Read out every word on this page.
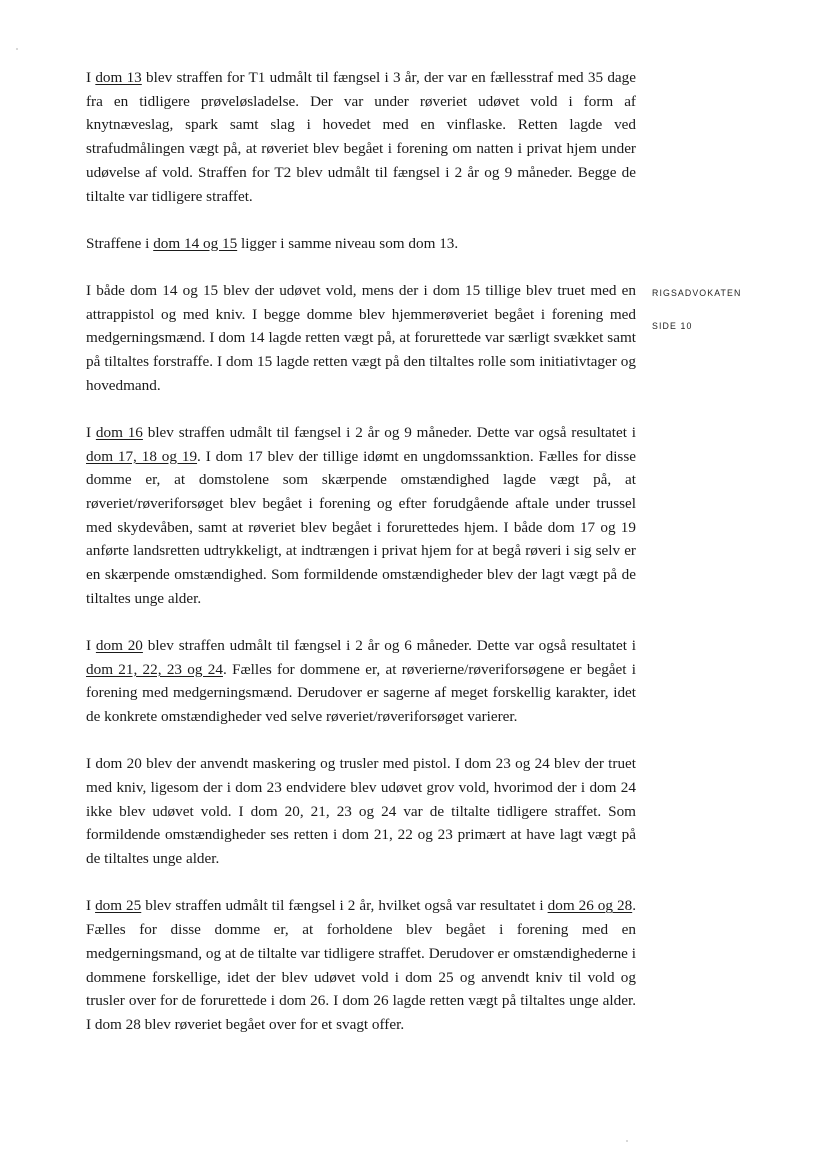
I dom 13 blev straffen for T1 udmålt til fængsel i 3 år, der var en fællesstraf med 35 dage fra en tidligere prøveløsladelse. Der var under røveriet udøvet vold i form af knytnæveslag, spark samt slag i hovedet med en vinflaske. Retten lagde ved strafudmålingen vægt på, at røveriet blev begået i forening om natten i privat hjem under udøvelse af vold. Straffen for T2 blev udmålt til fængsel i 2 år og 9 måneder. Begge de tiltalte var tidligere straffet.

Straffene i dom 14 og 15 ligger i samme niveau som dom 13.

I både dom 14 og 15 blev der udøvet vold, mens der i dom 15 tillige blev truet med en attrappistol og med kniv. I begge domme blev hjemmerøveriet begået i forening med medgerningsmænd. I dom 14 lagde retten vægt på, at forurettede var særligt svækket samt på tiltaltes forstraffe. I dom 15 lagde retten vægt på den tiltaltes rolle som initiativtager og hovedmand.

I dom 16 blev straffen udmålt til fængsel i 2 år og 9 måneder. Dette var også resultatet i dom 17, 18 og 19. I dom 17 blev der tillige idømt en ungdomssanktion. Fælles for disse domme er, at domstolene som skærpende omstændighed lagde vægt på, at røveriet/røveriforsøget blev begået i forening og efter forudgående aftale under trussel med skydevåben, samt at røveriet blev begået i forurettedes hjem. I både dom 17 og 19 anførte landsretten udtrykkeligt, at indtrængen i privat hjem for at begå røveri i sig selv er en skærpende omstændighed. Som formildende omstændigheder blev der lagt vægt på de tiltaltes unge alder.

I dom 20 blev straffen udmålt til fængsel i 2 år og 6 måneder. Dette var også resultatet i dom 21, 22, 23 og 24. Fælles for dommene er, at røverierne/røveriforsøgene er begået i forening med medgerningsmænd. Derudover er sagerne af meget forskellig karakter, idet de konkrete omstændigheder ved selve røveriet/røveriforsøget varierer.

I dom 20 blev der anvendt maskering og trusler med pistol. I dom 23 og 24 blev der truet med kniv, ligesom der i dom 23 endvidere blev udøvet grov vold, hvorimod der i dom 24 ikke blev udøvet vold. I dom 20, 21, 23 og 24 var de tiltalte tidligere straffet. Som formildende omstændigheder ses retten i dom 21, 22 og 23 primært at have lagt vægt på de tiltaltes unge alder.

I dom 25 blev straffen udmålt til fængsel i 2 år, hvilket også var resultatet i dom 26 og 28. Fælles for disse domme er, at forholdene blev begået i forening med en medgerningsmand, og at de tiltalte var tidligere straffet. Derudover er omstændighederne i dommene forskellige, idet der blev udøvet vold i dom 25 og anvendt kniv til vold og trusler over for de forurettede i dom 26. I dom 26 lagde retten vægt på tiltaltes unge alder. I dom 28 blev røveriet begået over for et svagt offer.

RIGSADVOKATEN
SIDE 10
